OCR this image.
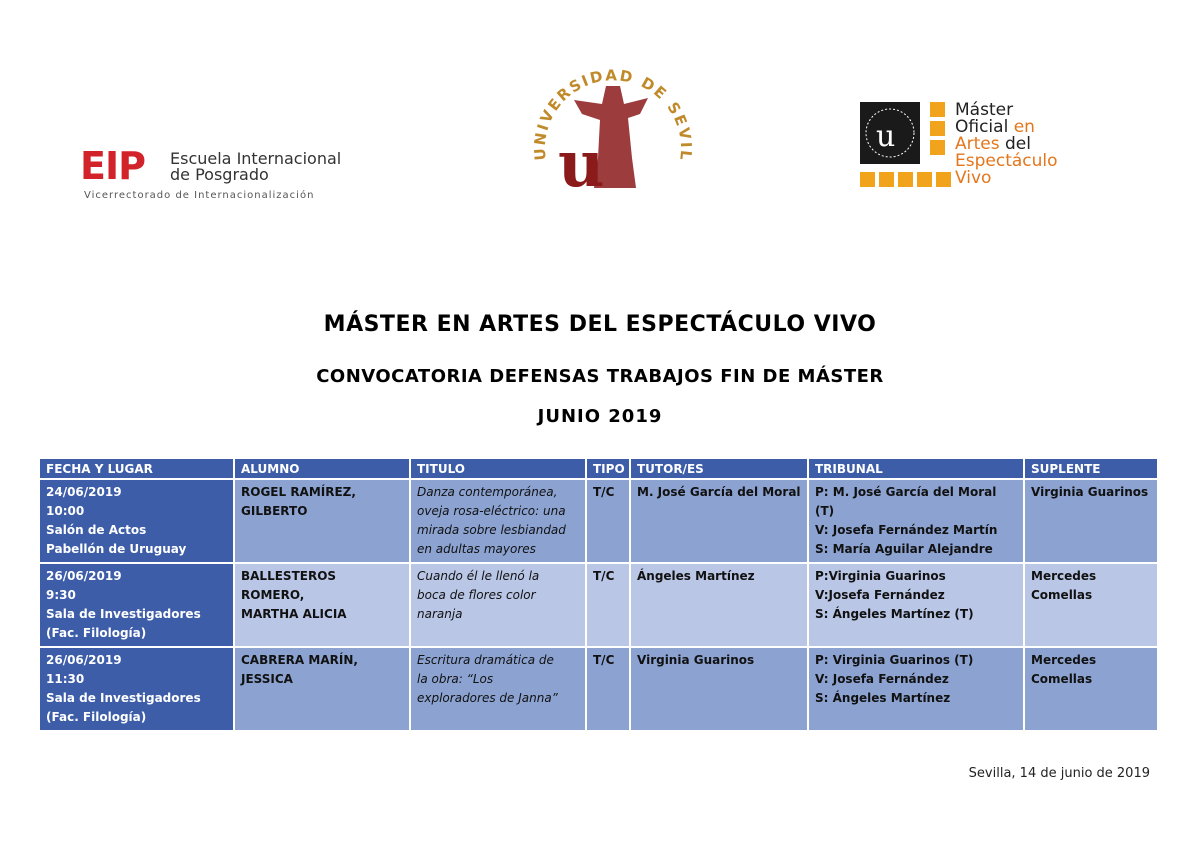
EIP Escuela Internacional
de Posgrado
Vicerrectorado de Internacionalización
UNIVERSIDAD DE SEVIL
u	u
Máster
Oficial en
Artes del
Espectáculo
Vivo
MÁSTER EN ARTES DEL ESPECTÁCULO VIVO
CONVOCATORIA DEFENSAS TRABAJOS FIN DE MÁSTER
JUNIO 2019
FECHA Y LUGAR	ALUMNO	TITULO	TIPO	TUTOR/ES	TRIBUNAL	SUPLENTE

24/06/2019
10:00
Salón de Actos
Pabellón de Uruguay	ROGEL RAMÍREZ,
GILBERTO	Danza contemporánea,
oveja rosa-eléctrico: una
mirada sobre lesbiandad
en adultas mayores	T/C	M. José García del Moral	P: M. José García del Moral
(T)
V: Josefa Fernández Martín
S: María Aguilar Alejandre	Virginia Guarinos

26/06/2019
9:30
Sala de Investigadores
(Fac. Filología)	BALLESTEROS ROMERO,
MARTHA ALICIA	Cuando él le llenó la
boca de flores color
naranja	T/C	Ángeles Martínez	P:Virginia Guarinos
V:Josefa Fernández
S: Ángeles Martínez (T)	Mercedes
Comellas

26/06/2019
11:30
Sala de Investigadores
(Fac. Filología)	CABRERA MARÍN,
JESSICA	Escritura dramática de
la obra: “Los
exploradores de Janna”	T/C	Virginia Guarinos	P: Virginia Guarinos (T)
V: Josefa Fernández
S: Ángeles Martínez	Mercedes
Comellas
Sevilla, 14 de junio de 2019
